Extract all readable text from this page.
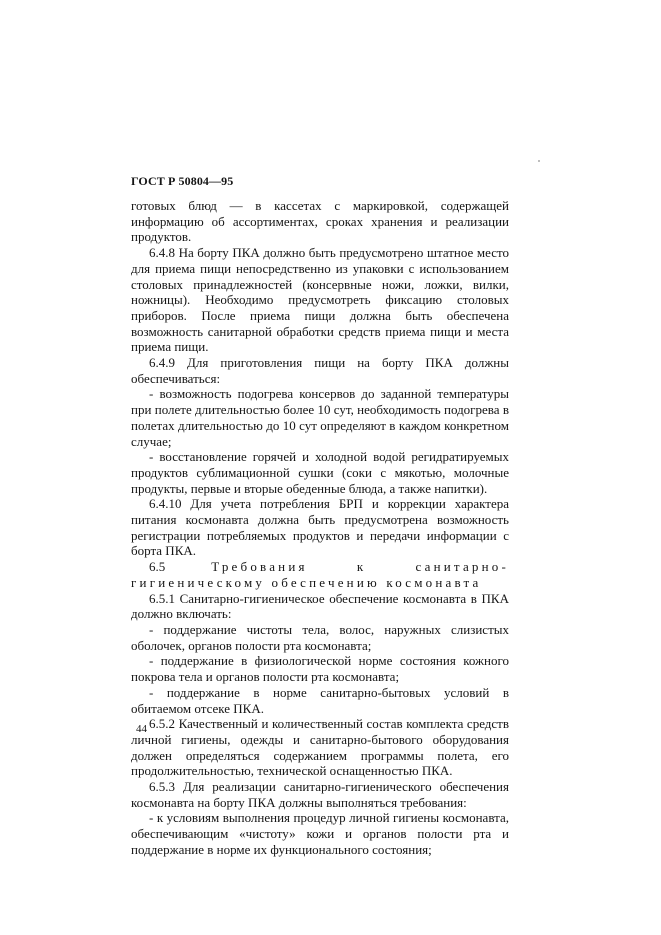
ГОСТ Р 50804—95

готовых блюд — в кассетах с маркировкой, содержащей информацию об ассортиментах, сроках хранения и реализации продуктов.

6.4.8 На борту ПКА должно быть предусмотрено штатное место для приема пищи непосредственно из упаковки с использованием столовых принадлежностей (консервные ножи, ложки, вилки, ножницы). Необходимо предусмотреть фиксацию столовых приборов. После приема пищи должна быть обеспечена возможность санитарной обработки средств приема пищи и места приема пищи.

6.4.9 Для приготовления пищи на борту ПКА должны обеспечиваться:

- возможность подогрева консервов до заданной температуры при полете длительностью более 10 сут, необходимость подогрева в полетах длительностью до 10 сут определяют в каждом конкретном случае;

- восстановление горячей и холодной водой регидратируемых продуктов сублимационной сушки (соки с мякотью, молочные продукты, первые и вторые обеденные блюда, а также напитки).

6.4.10 Для учета потребления БРП и коррекции характера питания космонавта должна быть предусмотрена возможность регистрации потребляемых продуктов и передачи информации с борта ПКА.

6.5	Требования к санитарно-гигиеническому обеспечению космонавта

6.5.1 Санитарно-гигиеническое обеспечение космонавта в ПКА должно включать:

- поддержание чистоты тела, волос, наружных слизистых оболочек, органов полости рта космонавта;

- поддержание в физиологической норме состояния кожного покрова тела и органов полости рта космонавта;

- поддержание в норме санитарно-бытовых условий в обитаемом отсеке ПКА.

6.5.2 Качественный и количественный состав комплекта средств личной гигиены, одежды и санитарно-бытового оборудования должен определяться содержанием программы полета, его продолжительностью, технической оснащенностью ПКА.

6.5.3 Для реализации санитарно-гигиенического обеспечения космонавта на борту ПКА должны выполняться требования:

- к условиям выполнения процедур личной гигиены космонавта, обеспечивающим «чистоту» кожи и органов полости рта и поддержание в норме их функционального состояния;

44
